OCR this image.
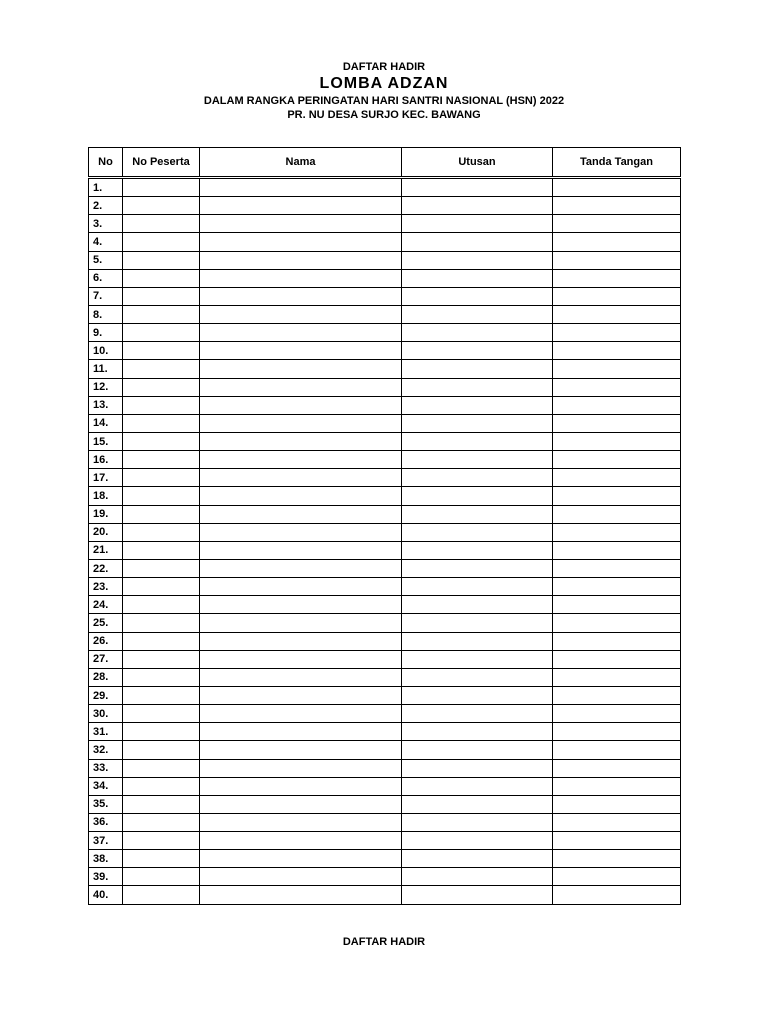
DAFTAR HADIR
LOMBA ADZAN
DALAM RANGKA PERINGATAN HARI SANTRI NASIONAL (HSN) 2022
PR. NU DESA SURJO KEC. BAWANG
No	No Peserta	Nama	Utusan	Tanda Tangan
1.				
2.				
3.				
4.				
5.				
6.				
7.				
8.				
9.				
10.				
11.				
12.				
13.				
14.				
15.				
16.				
17.				
18.				
19.				
20.				
21.				
22.				
23.				
24.				
25.				
26.				
27.				
28.				
29.				
30.				
31.				
32.				
33.				
34.				
35.				
36.				
37.				
38.				
39.				
40.				
DAFTAR HADIR
